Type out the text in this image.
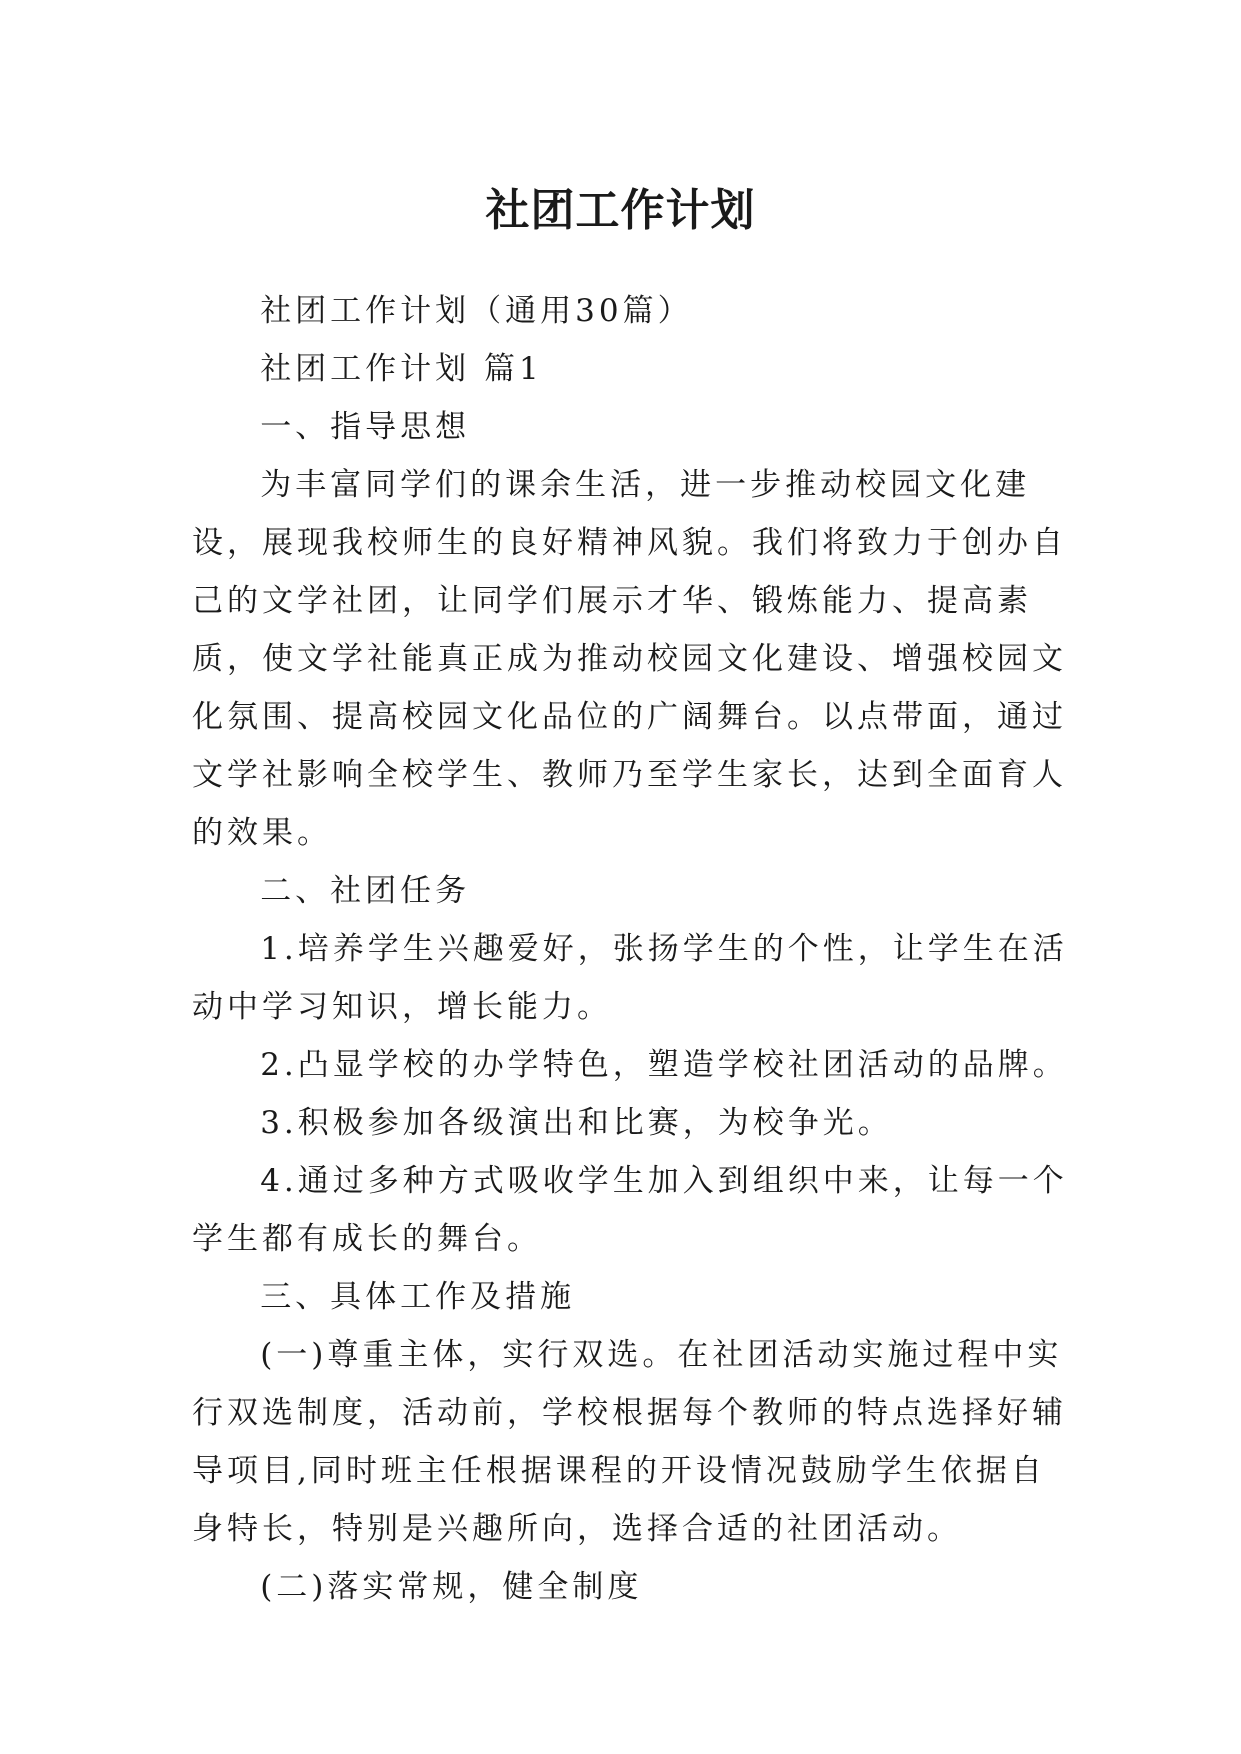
社团工作计划

社团工作计划（通用30篇）

社团工作计划 篇1

一、指导思想

为丰富同学们的课余生活，进一步推动校园文化建设，展现我校师生的良好精神风貌。我们将致力于创办自己的文学社团，让同学们展示才华、锻炼能力、提高素质，使文学社能真正成为推动校园文化建设、增强校园文化氛围、提高校园文化品位的广阔舞台。以点带面，通过文学社影响全校学生、教师乃至学生家长，达到全面育人的效果。

二、社团任务

1.培养学生兴趣爱好，张扬学生的个性，让学生在活动中学习知识，增长能力。

2.凸显学校的办学特色，塑造学校社团活动的品牌。

3.积极参加各级演出和比赛，为校争光。

4.通过多种方式吸收学生加入到组织中来，让每一个学生都有成长的舞台。

三、具体工作及措施

(一)尊重主体，实行双选。在社团活动实施过程中实行双选制度，活动前，学校根据每个教师的特点选择好辅导项目,同时班主任根据课程的开设情况鼓励学生依据自身特长，特别是兴趣所向，选择合适的社团活动。

(二)落实常规，健全制度
